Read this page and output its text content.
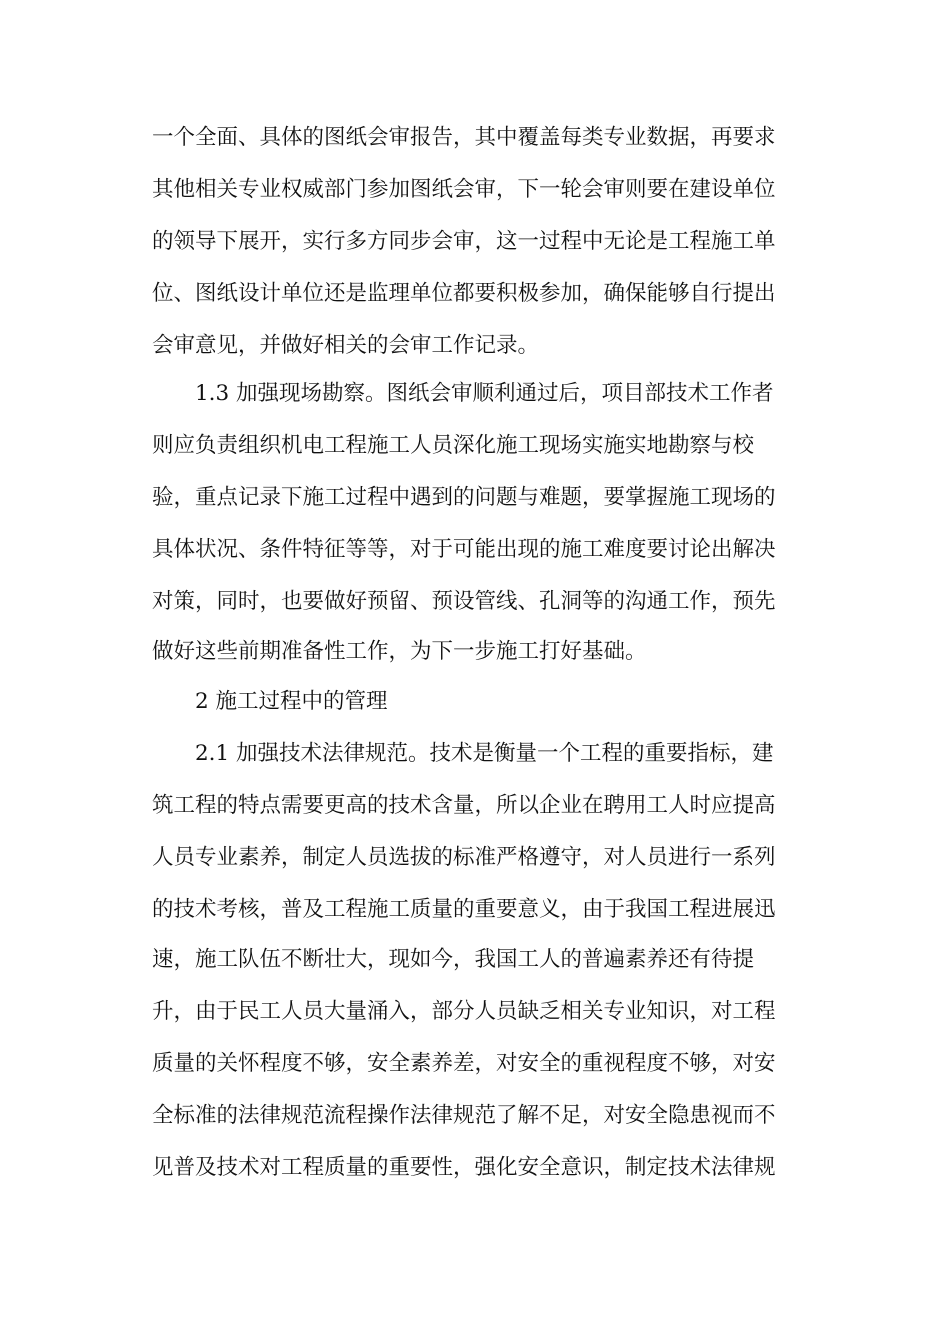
一个全面、具体的图纸会审报告，其中覆盖每类专业数据，再要求
其他相关专业权威部门参加图纸会审，下一轮会审则要在建设单位
的领导下展开，实行多方同步会审，这一过程中无论是工程施工单
位、图纸设计单位还是监理单位都要积极参加，确保能够自行提出
会审意见，并做好相关的会审工作记录。
1.3 加强现场勘察。图纸会审顺利通过后，项目部技术工作者
则应负责组织机电工程施工人员深化施工现场实施实地勘察与校
验，重点记录下施工过程中遇到的问题与难题，要掌握施工现场的
具体状况、条件特征等等，对于可能出现的施工难度要讨论出解决
对策，同时，也要做好预留、预设管线、孔洞等的沟通工作，预先
做好这些前期准备性工作，为下一步施工打好基础。
2 施工过程中的管理
2.1 加强技术法律规范。技术是衡量一个工程的重要指标，建
筑工程的特点需要更高的技术含量，所以企业在聘用工人时应提高
人员专业素养，制定人员选拔的标准严格遵守，对人员进行一系列
的技术考核，普及工程施工质量的重要意义，由于我国工程进展迅
速，施工队伍不断壮大，现如今，我国工人的普遍素养还有待提
升，由于民工人员大量涌入，部分人员缺乏相关专业知识，对工程
质量的关怀程度不够，安全素养差，对安全的重视程度不够，对安
全标准的法律规范流程操作法律规范了解不足，对安全隐患视而不
见普及技术对工程质量的重要性，强化安全意识，制定技术法律规
